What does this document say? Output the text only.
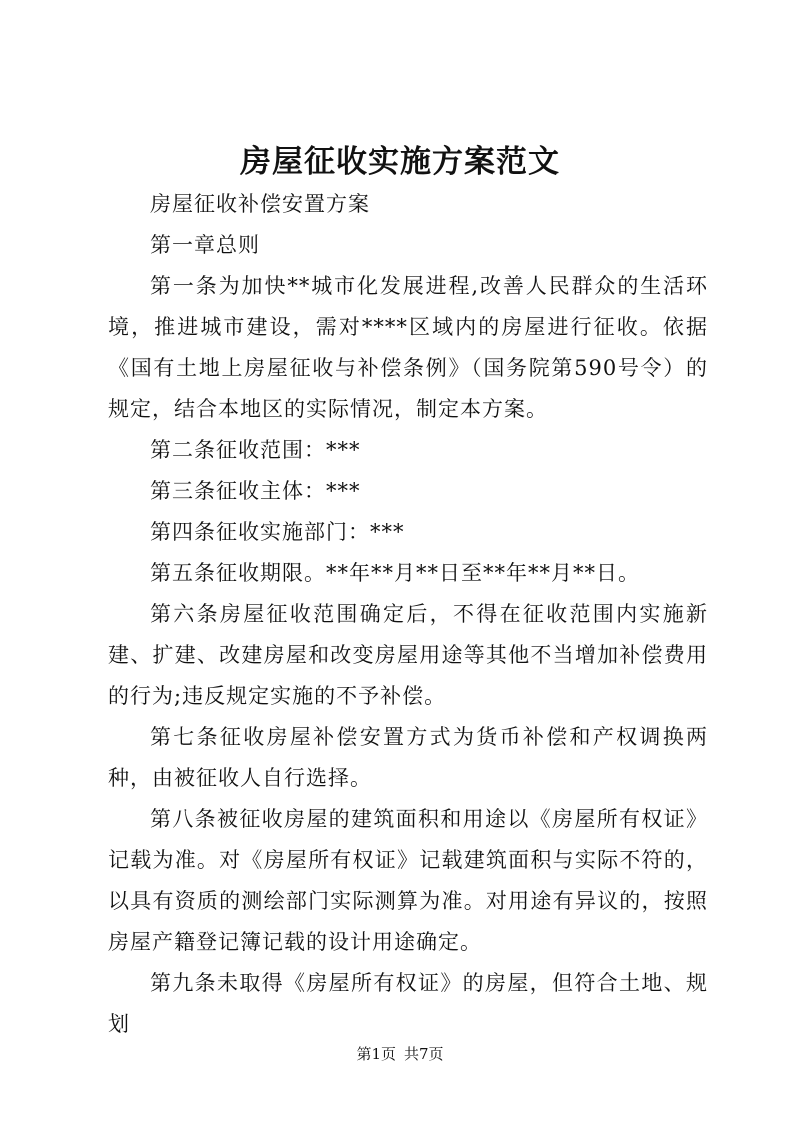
房屋征收实施方案范文

房屋征收补偿安置方案

第一章总则

第一条为加快**城市化发展进程,改善人民群众的生活环境，推进城市建设，需对****区域内的房屋进行征收。依据《国有土地上房屋征收与补偿条例》（国务院第590号令）的规定，结合本地区的实际情况，制定本方案。

第二条征收范围：***

第三条征收主体：***

第四条征收实施部门：***

第五条征收期限。**年**月**日至**年**月**日。

第六条房屋征收范围确定后，不得在征收范围内实施新建、扩建、改建房屋和改变房屋用途等其他不当增加补偿费用的行为;违反规定实施的不予补偿。

第七条征收房屋补偿安置方式为货币补偿和产权调换两种，由被征收人自行选择。

第八条被征收房屋的建筑面积和用途以《房屋所有权证》记载为准。对《房屋所有权证》记载建筑面积与实际不符的，以具有资质的测绘部门实际测算为准。对用途有异议的，按照房屋产籍登记簿记载的设计用途确定。

第九条未取得《房屋所有权证》的房屋，但符合土地、规划

第1页 共7页
